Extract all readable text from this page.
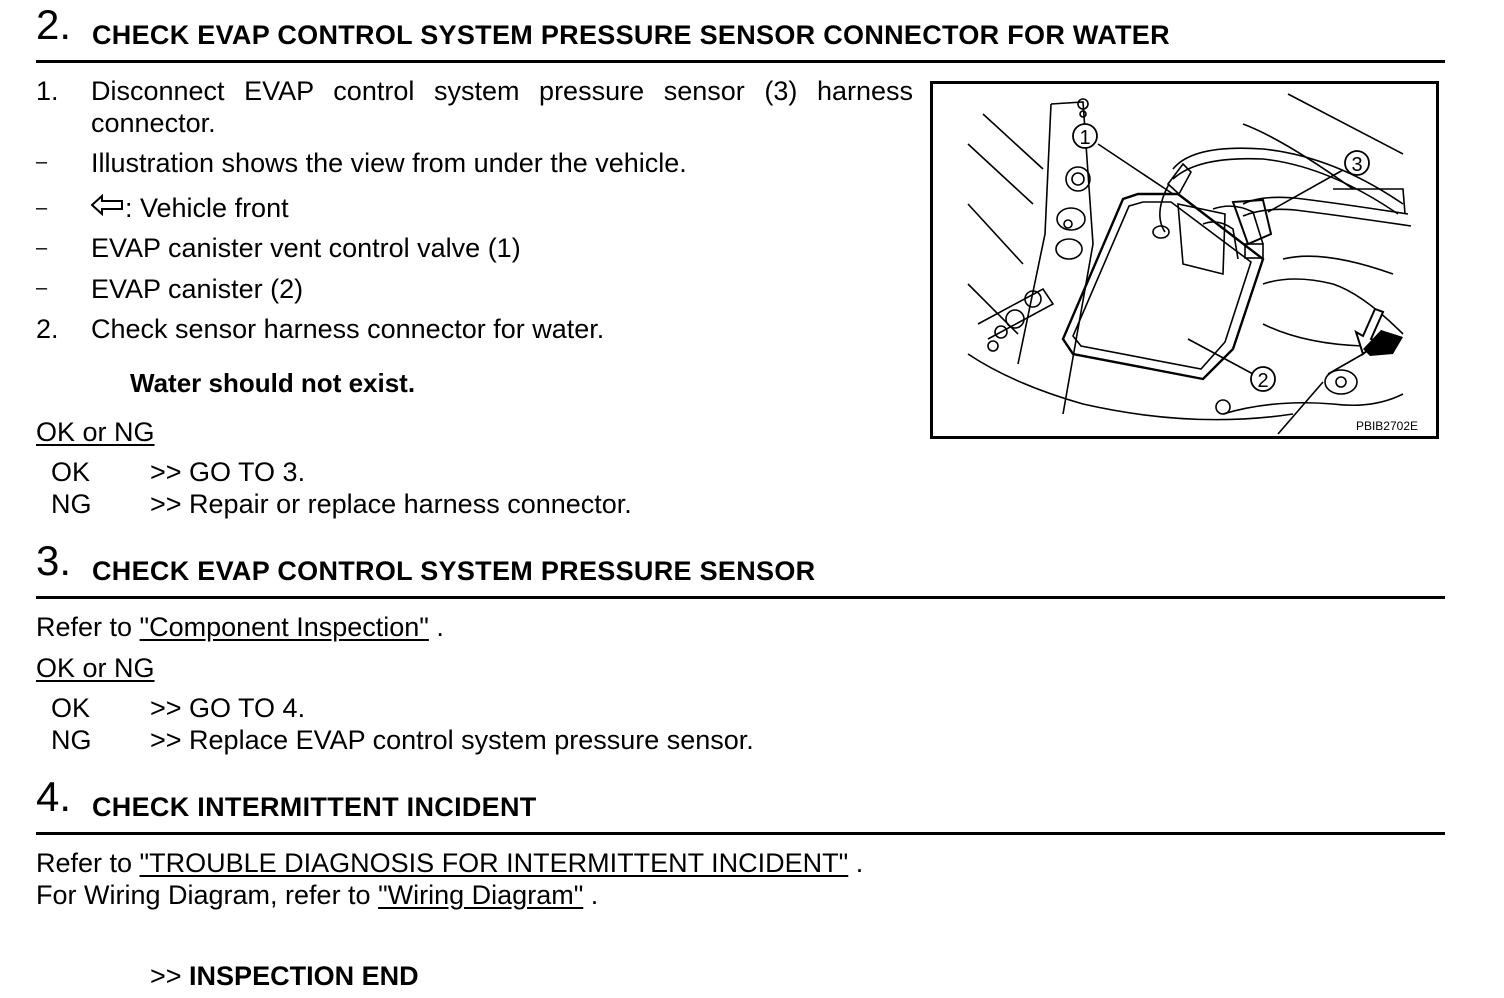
2. CHECK EVAP CONTROL SYSTEM PRESSURE SENSOR CONNECTOR FOR WATER
1. Disconnect EVAP control system pressure sensor (3) harness
connector.
– Illustration shows the view from under the vehicle.
–	: Vehicle front
– EVAP canister vent control valve (1)
– EVAP canister (2)
2. Check sensor harness connector for water.
Water should not exist.
OK or NG
OK >> GO TO 3.
NG >> Repair or replace harness connector.
1
3
2
PBIB2702E
3. CHECK EVAP CONTROL SYSTEM PRESSURE SENSOR
Refer to "Component Inspection" .
OK or NG
OK >> GO TO 4.
NG >> Replace EVAP control system pressure sensor.
4. CHECK INTERMITTENT INCIDENT
Refer to "TROUBLE DIAGNOSIS FOR INTERMITTENT INCIDENT" .
For Wiring Diagram, refer to "Wiring Diagram" .
>> INSPECTION END
